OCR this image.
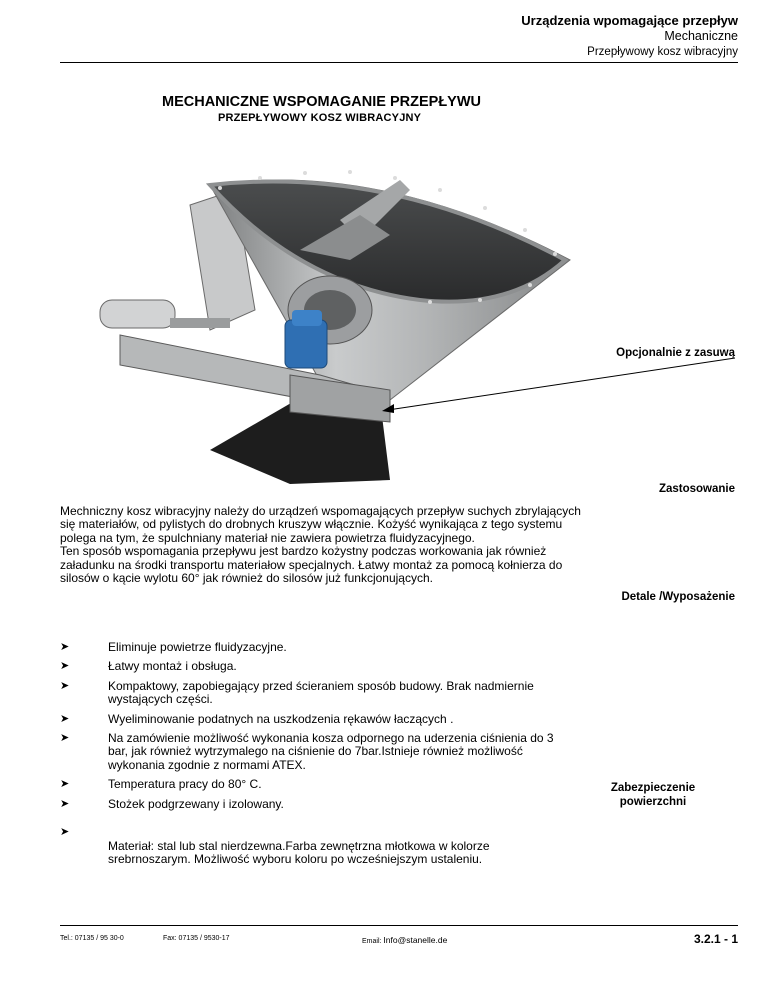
Urządzenia wpomagające przepływ
Mechaniczne
Przepływowy kosz wibracyjny
MECHANICZNE WSPOMAGANIE PRZEPŁYWU
PRZEPŁYWOWY KOSZ WIBRACYJNY
Opcjonalnie z zasuwą
Zastosowanie
Mechniczny kosz wibracyjny należy do urządzeń wspomagających przepływ suchych zbrylających się materiałów, od pylistych do drobnych kruszyw włącznie. Kożyść wynikająca z tego systemu polega na tym, że spulchniany materiał nie zawiera powietrza fluidyzacyjnego.
Ten sposób wspomagania przepływu jest bardzo kożystny podczas workowania jak również załadunku na środki transportu materiałow specjalnych. Łatwy montaż za pomocą kołnierza do silosów o kącie wylotu 60° jak również do silosów już funkcjonujących.
Detale /Wyposażenie
➤	Eliminuje powietrze fluidyzacyjne.
➤	Łatwy montaż i obsługa.
➤	Kompaktowy, zapobiegający przed ścieraniem sposób budowy. Brak nadmiernie wystających części.
➤	Wyeliminowanie podatnych na uszkodzenia rękawów łaczących .
➤	Na zamówienie możliwość wykonania kosza odpornego na uderzenia ciśnienia do 3 bar, jak również wytrzymalego na ciśnienie do 7bar.Istnieje również możliwość wykonania zgodnie z normami ATEX.
➤	Temperatura pracy do 80° C.
➤	Stożek podgrzewany i izolowany.
Zabezpieczenie powierzchni
➤
Materiał: stal lub stal nierdzewna.Farba zewnętrzna młotkowa w kolorze srebrnoszarym. Możliwość wyboru koloru po wcześniejszym ustaleniu.
Tel.: 07135 / 95 30-0	Fax: 07135 / 9530-17	Email: Info@stanelle.de	3.2.1 - 1
